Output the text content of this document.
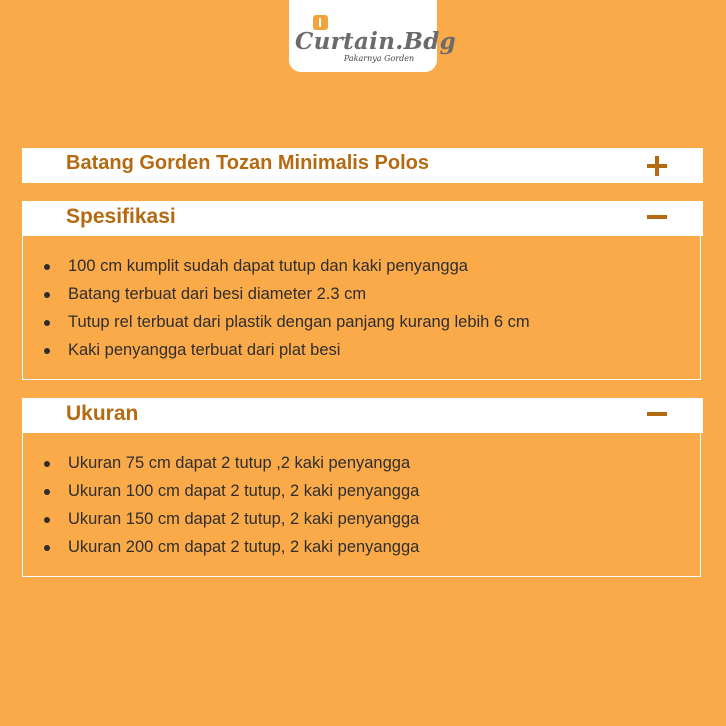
Curtain.Bdg
Pakarnya Gorden
Batang Gorden Tozan Minimalis Polos
Spesifikasi
100 cm kumplit sudah dapat tutup dan kaki penyangga
Batang terbuat dari besi diameter 2.3 cm
Tutup rel terbuat dari plastik dengan panjang kurang lebih 6 cm
Kaki penyangga terbuat dari plat besi
Ukuran
Ukuran 75 cm dapat 2 tutup ,2 kaki penyangga
Ukuran 100 cm dapat 2 tutup, 2 kaki penyangga
Ukuran 150 cm dapat 2 tutup, 2 kaki penyangga
Ukuran 200 cm dapat 2 tutup, 2 kaki penyangga
